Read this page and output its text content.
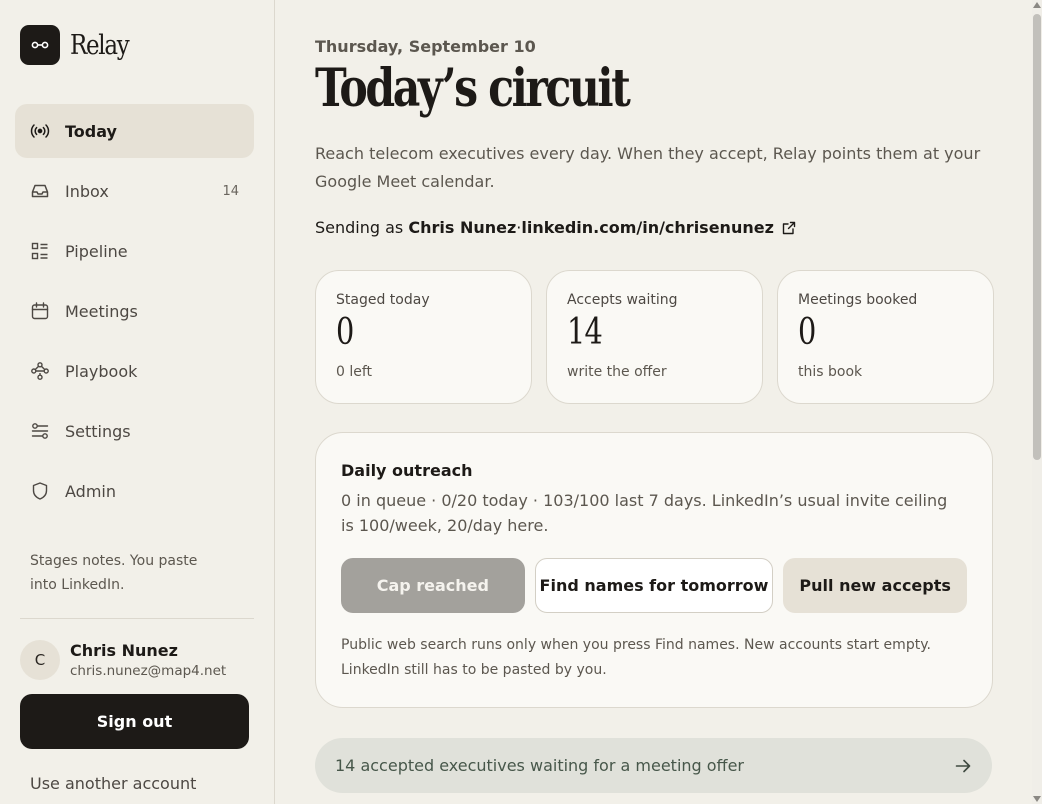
Relay
Today
Inbox	14
Pipeline
Meetings
Playbook
Settings
Admin

Stages notes. You paste into LinkedIn.

C	Chris Nunez
chris.nunez@map4.net
Sign out
Use another account
Thursday, September 10
Today’s circuit

Reach telecom executives every day. When they accept, Relay points them at your Google Meet calendar.

Sending as
Chris Nunez · linkedin.com/in/chrisenunez
Staged today
0
0 left
Accepts waiting
14
write the offer
Meetings booked
0
this book
Daily outreach

0 in queue · 0/20 today · 103/100 last 7 days. LinkedIn’s usual invite ceiling is 100/week, 20/day here.

Cap reached	Find names for tomorrow	Pull new accepts

Public web search runs only when you press Find names. New accounts start empty. LinkedIn still has to be pasted by you.

14 accepted executives waiting for a meeting offer
